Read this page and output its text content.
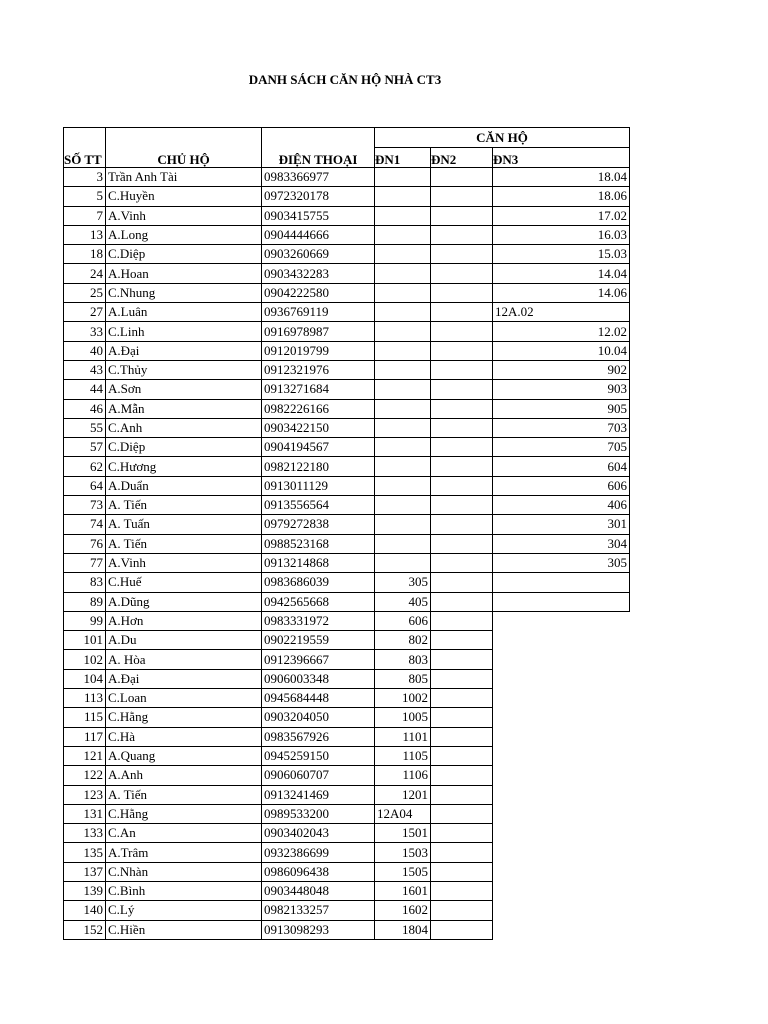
DANH SÁCH CĂN HỘ NHÀ CT3
			CĂN HỘ		
SỐ TT	CHỦ HỘ	ĐIỆN THOẠI	ĐN1	ĐN2	ĐN3
3	Trần Anh Tài	0983366977			18.04
5	C.Huyền	0972320178			18.06
7	A.Vinh	0903415755			17.02
13	A.Long	0904444666			16.03
18	C.Diệp	0903260669			15.03
24	A.Hoan	0903432283			14.04
25	C.Nhung	0904222580			14.06
27	A.Luân	0936769119			12A.02
33	C.Linh	0916978987			12.02
40	A.Đại	0912019799			10.04
43	C.Thủy	0912321976			902
44	A.Sơn	0913271684			903
46	A.Mẫn	0982226166			905
55	C.Anh	0903422150			703
57	C.Diệp	0904194567			705
62	C.Hương	0982122180			604
64	A.Duẩn	0913011129			606
73	A. Tiến	0913556564			406
74	A. Tuấn	0979272838			301
76	A. Tiến	0988523168			304
77	A.Vinh	0913214868			305
83	C.Huế	0983686039	305		
89	A.Dũng	0942565668	405		
99	A.Hơn	0983331972	606		
101	A.Du	0902219559	802		
102	A. Hòa	0912396667	803		
104	A.Đại	0906003348	805		
113	C.Loan	0945684448	1002		
115	C.Hằng	0903204050	1005		
117	C.Hà	0983567926	1101		
121	A.Quang	0945259150	1105		
122	A.Anh	0906060707	1106		
123	A. Tiến	0913241469	1201		
131	C.Hằng	0989533200	12A04		
133	C.An	0903402043	1501		
135	A.Trâm	0932386699	1503		
137	C.Nhàn	0986096438	1505		
139	C.Bình	0903448048	1601		
140	C.Lý	0982133257	1602		
152	C.Hiền	0913098293	1804		
